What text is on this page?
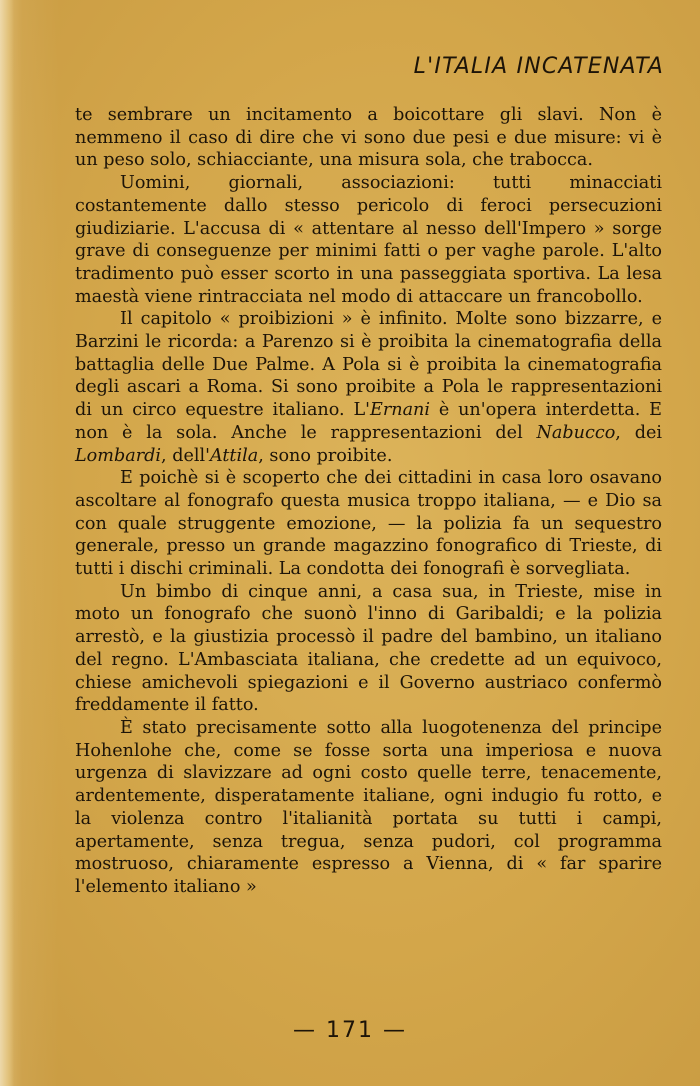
L'ITALIA INCATENATA

te sembrare un incitamento a boicottare gli slavi. Non è nemmeno il caso di dire che vi sono due pesi e due misure: vi è un peso solo, schiacciante, una misura sola, che trabocca.

Uomini, giornali, associazioni: tutti minacciati costantemente dallo stesso pericolo di feroci persecuzioni giudiziarie. L'accusa di « attentare al nesso dell'Impero » sorge grave di conseguenze per minimi fatti o per vaghe parole. L'alto tradimento può esser scorto in una passeggiata sportiva. La lesa maestà viene rintracciata nel modo di attaccare un francobollo.

Il capitolo « proibizioni » è infinito. Molte sono bizzarre, e Barzini le ricorda: a Parenzo si è proibita la cinematografia della battaglia delle Due Palme. A Pola si è proibita la cinematografia degli ascari a Roma. Si sono proibite a Pola le rappresentazioni di un circo equestre italiano. L'Ernani è un'opera interdetta. E non è la sola. Anche le rappresentazioni del Nabucco, dei Lombardi, dell'Attila, sono proibite.

E poichè si è scoperto che dei cittadini in casa loro osavano ascoltare al fonografo questa musica troppo italiana, — e Dio sa con quale struggente emozione, — la polizia fa un sequestro generale, presso un grande magazzino fonografico di Trieste, di tutti i dischi criminali. La condotta dei fonografi è sorvegliata.

Un bimbo di cinque anni, a casa sua, in Trieste, mise in moto un fonografo che suonò l'inno di Garibaldi; e la polizia arrestò, e la giustizia processò il padre del bambino, un italiano del regno. L'Ambasciata italiana, che credette ad un equivoco, chiese amichevoli spiegazioni e il Governo austriaco confermò freddamente il fatto.

È stato precisamente sotto alla luogotenenza del principe Hohenlohe che, come se fosse sorta una imperiosa e nuova urgenza di slavizzare ad ogni costo quelle terre, tenacemente, ardentemente, disperatamente italiane, ogni indugio fu rotto, e la violenza contro l'italianità portata su tutti i campi, apertamente, senza tregua, senza pudori, col programma mostruoso, chiaramente espresso a Vienna, di « far sparire l'elemento italiano »

— 171 —
